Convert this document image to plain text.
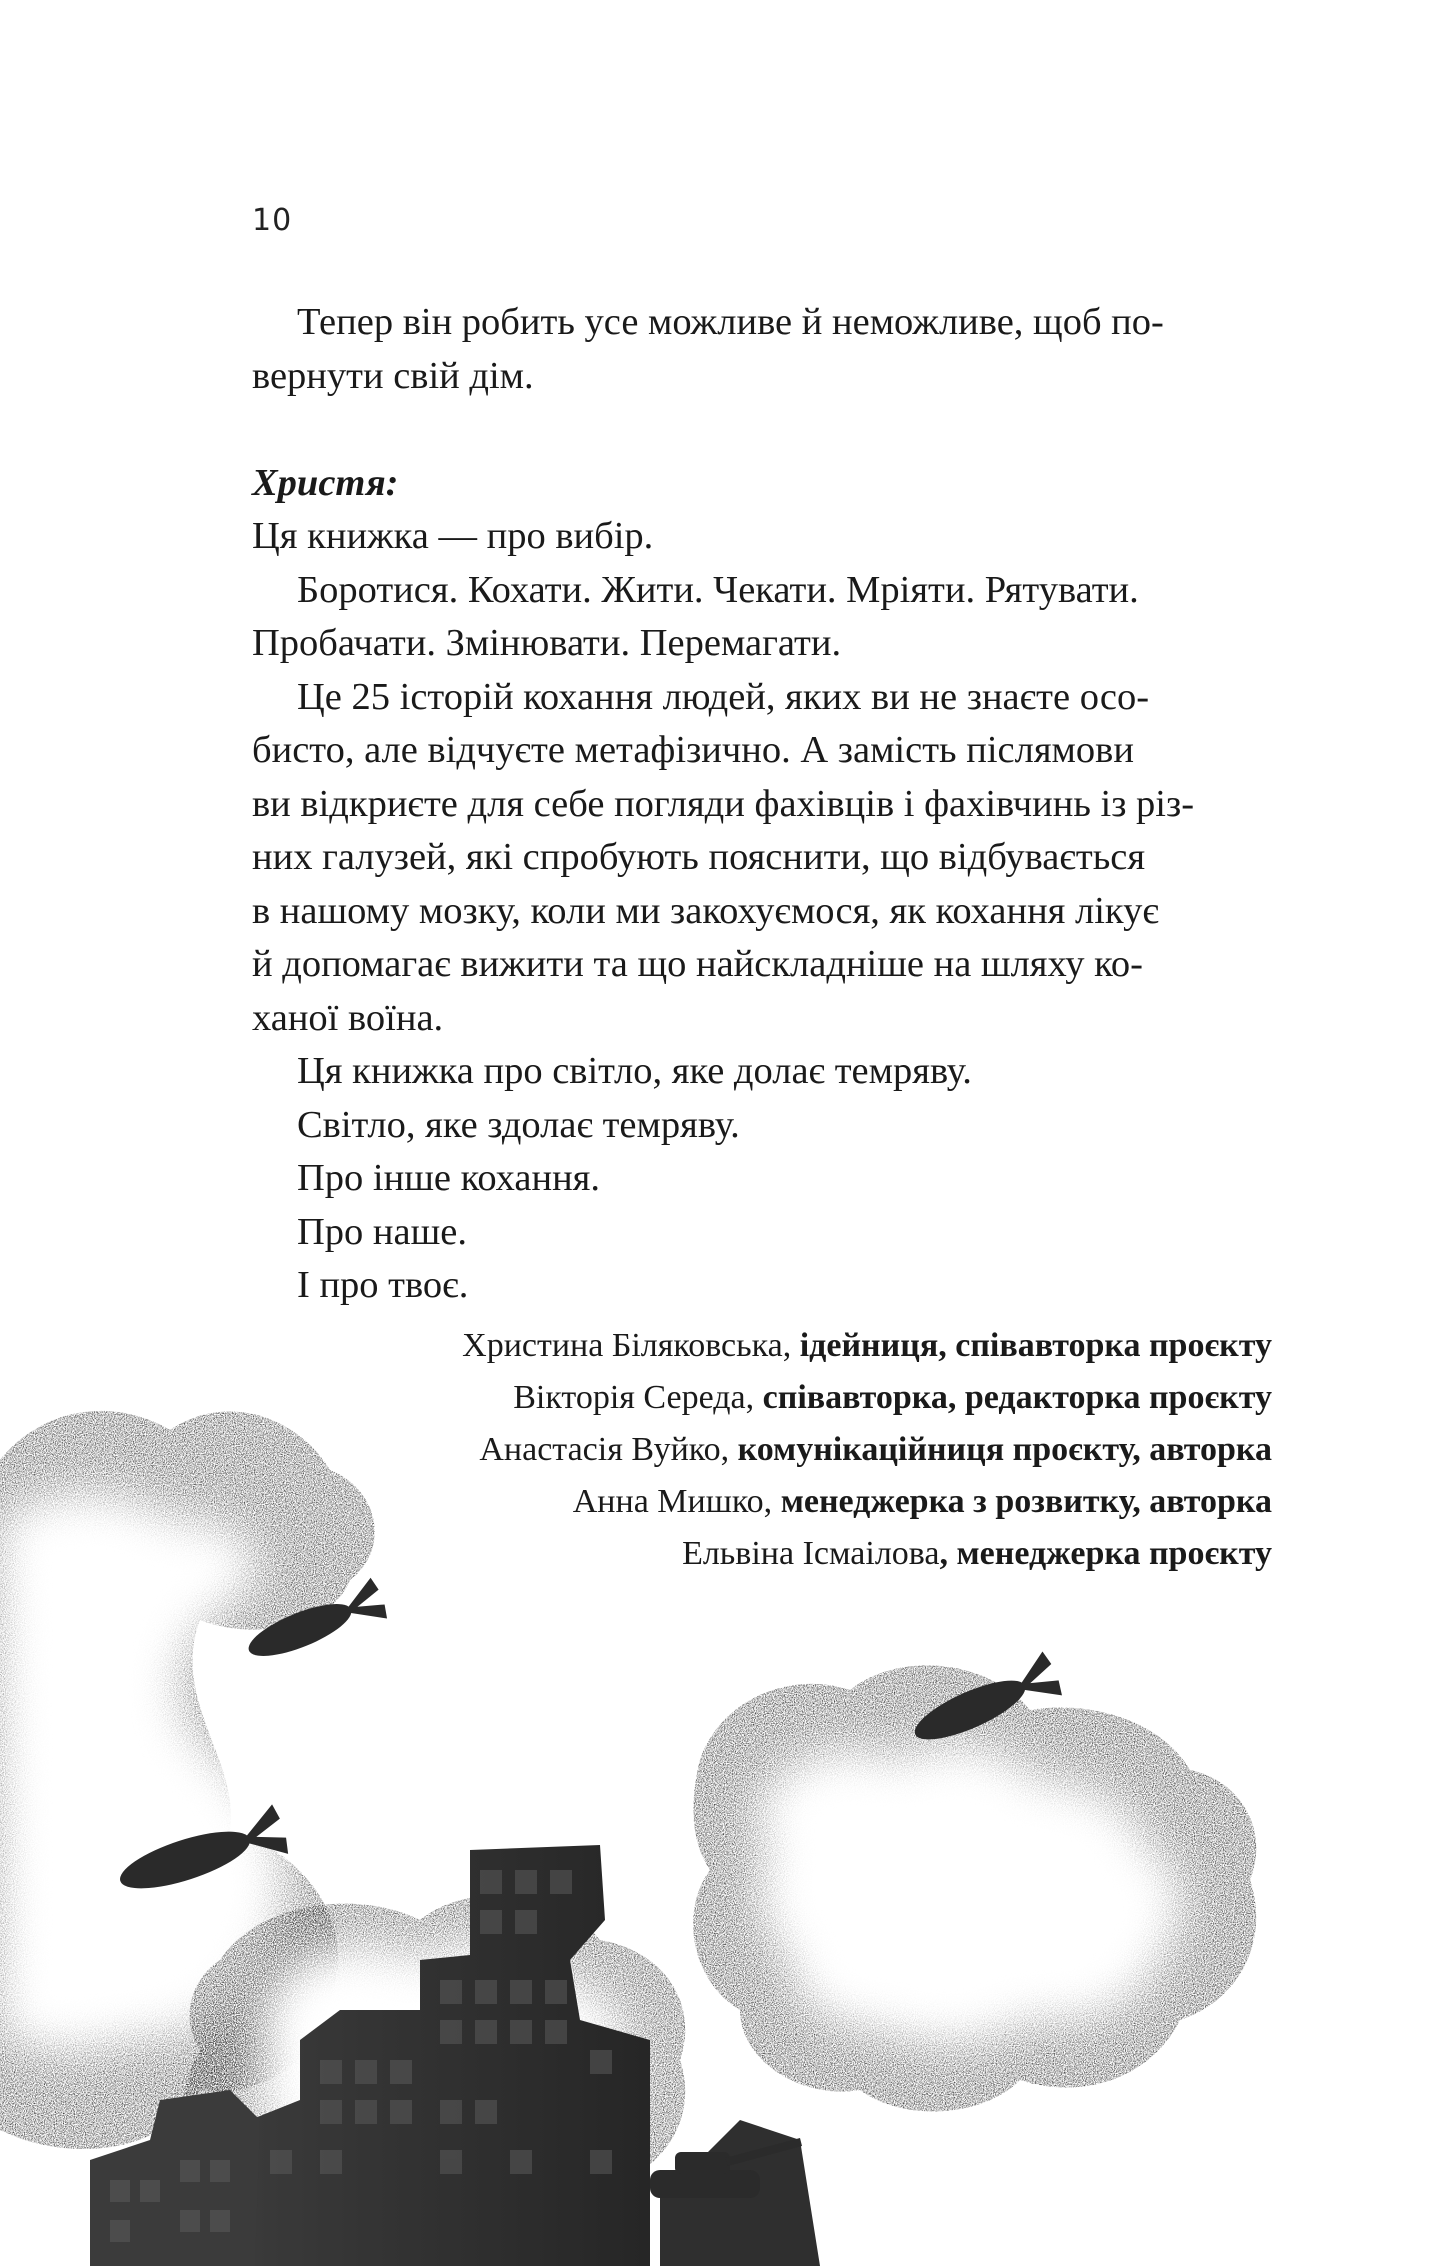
10

Тепер він робить усе можливе й неможливе, щоб по-

вернути свій дім.

Христя:

Ця книжка — про вибір.

Боротися. Кохати. Жити. Чекати. Мріяти. Рятувати.

Пробачати. Змінювати. Перемагати.

Це 25 історій кохання людей, яких ви не знаєте осо-

бисто, але відчуєте метафізично. А замість післямови

ви відкриєте для себе погляди фахівців і фахівчинь із різ-

них галузей, які спробують пояснити, що відбувається

в нашому мозку, коли ми закохуємося, як кохання лікує

й допомагає вижити та що найскладніше на шляху ко-

ханої воїна.

Ця книжка про світло, яке долає темряву.

Світло, яке здолає темряву.

Про інше кохання.

Про наше.

І про твоє.

Христина Біляковська, ідейниця, співавторка проєкту

Вікторія Середа, співавторка, редакторка проєкту

Анастасія Вуйко, комунікаційниця проєкту, авторка

Анна Мишко, менеджерка з розвитку, авторка

Ельвіна Ісмаілова, менеджерка проєкту
